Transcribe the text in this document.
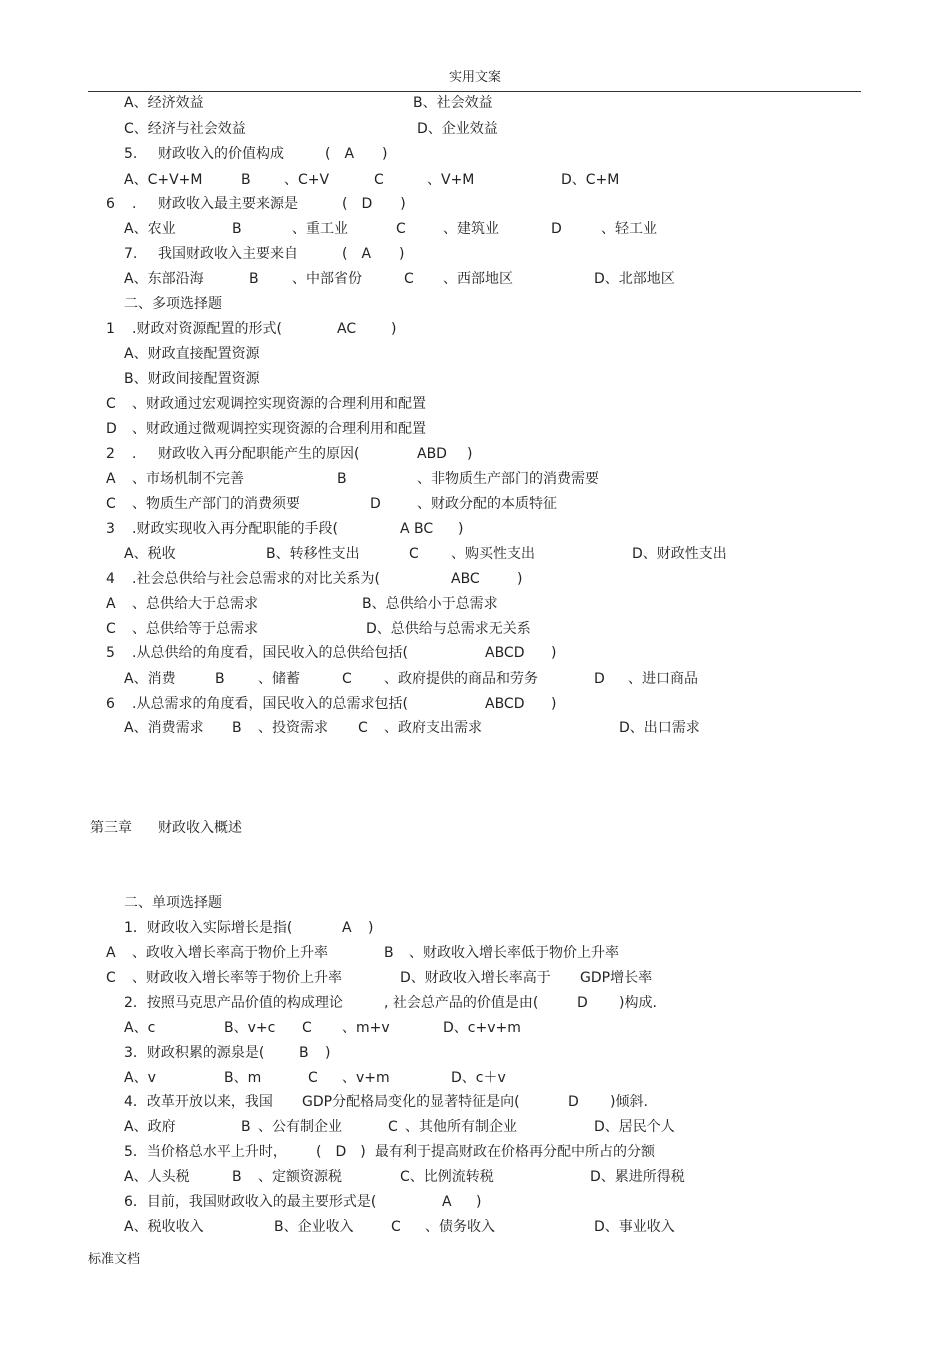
实用文案

A、经济效益

	B、社会效益

C、经济与社会效益

	D、企业效益

5.

财政收入的价值构成

	(　A　　)

A、C+V+M

	B

、C+V

	C

	、V+M

	D、C+M

6

.

财政收入最主要来源是

	(　D　　)

A、农业

	B

	、重工业

	C

	、建筑业

	D

	、轻工业

7.

我国财政收入主要来自

	(　A　　)

A、东部沿海

	B

、中部省份

	C

、西部地区

	D、北部地区

二、多项选择题

1

.财政对资源配置的形式(

	AC

)

A、财政直接配置资源
B、财政间接配置资源

C

、财政通过宏观调控实现资源的合理利用和配置

D

、财政通过微观调控实现资源的合理利用和配置

2

.

财政收入再分配职能产生的原因(

	ABD

)

A

、市场机制不完善

	B

	、非物质生产部门的消费需要

C

、物质生产部门的消费须要

	D

	、财政分配的本质特征

3

.财政实现收入再分配职能的手段(

	A BC

)

A、税收

	B、转移性支出

	C

、购买性支出

	D、财政性支出

4

.社会总供给与社会总需求的对比关系为(

	ABC

	)

A

、总供给大于总需求

	B、总供给小于总需求

C

、总供给等于总需求

	D、总供给与总需求无关系

5

.从总供给的角度看，国民收入的总供给包括(

	ABCD

)

A、消费

	B

、储蓄

	C

、政府提供的商品和劳务

	D

、进口商品

6

.从总需求的角度看，国民收入的总需求包括(

	ABCD

)

A、消费需求

B

、投资需求

C

、政府支出需求

	D、出口需求

第三章

财政收入概述

二、单项选择题

1．财政收入实际增长是指(

	A

)

A

、政收入增长率高于物价上升率

	B

、财政收入增长率低于物价上升率

C

、财政收入增长率等于物价上升率

	D、财政收入增长率高于

GDP增长率

2．按照马克思产品价值的构成理论

	, 社会总产品的价值是由(

	D

)构成.

A、c

	B、v+c

C

、m+v

	D、c+v+m

3．财政积累的源泉是(

B

)

A、v

	B、m

	C

、v+m

	D、c＋v

4．改革开放以来，我国

GDP分配格局变化的显著特征是向(

	D

)倾斜.

A、政府

	B

、公有制企业

	C

、其他所有制企业

	D、居民个人

5．当价格总水平上升时，

(　D　)

最有利于提高财政在价格再分配中所占的分额

A、人头税

	B

、定额资源税

	C、比例流转税

	D、累进所得税

6．目前，我国财政收入的最主要形式是(

	A

)

A、税收收入

	B、企业收入

	C

、债务收入

	D、事业收入

标准文档
